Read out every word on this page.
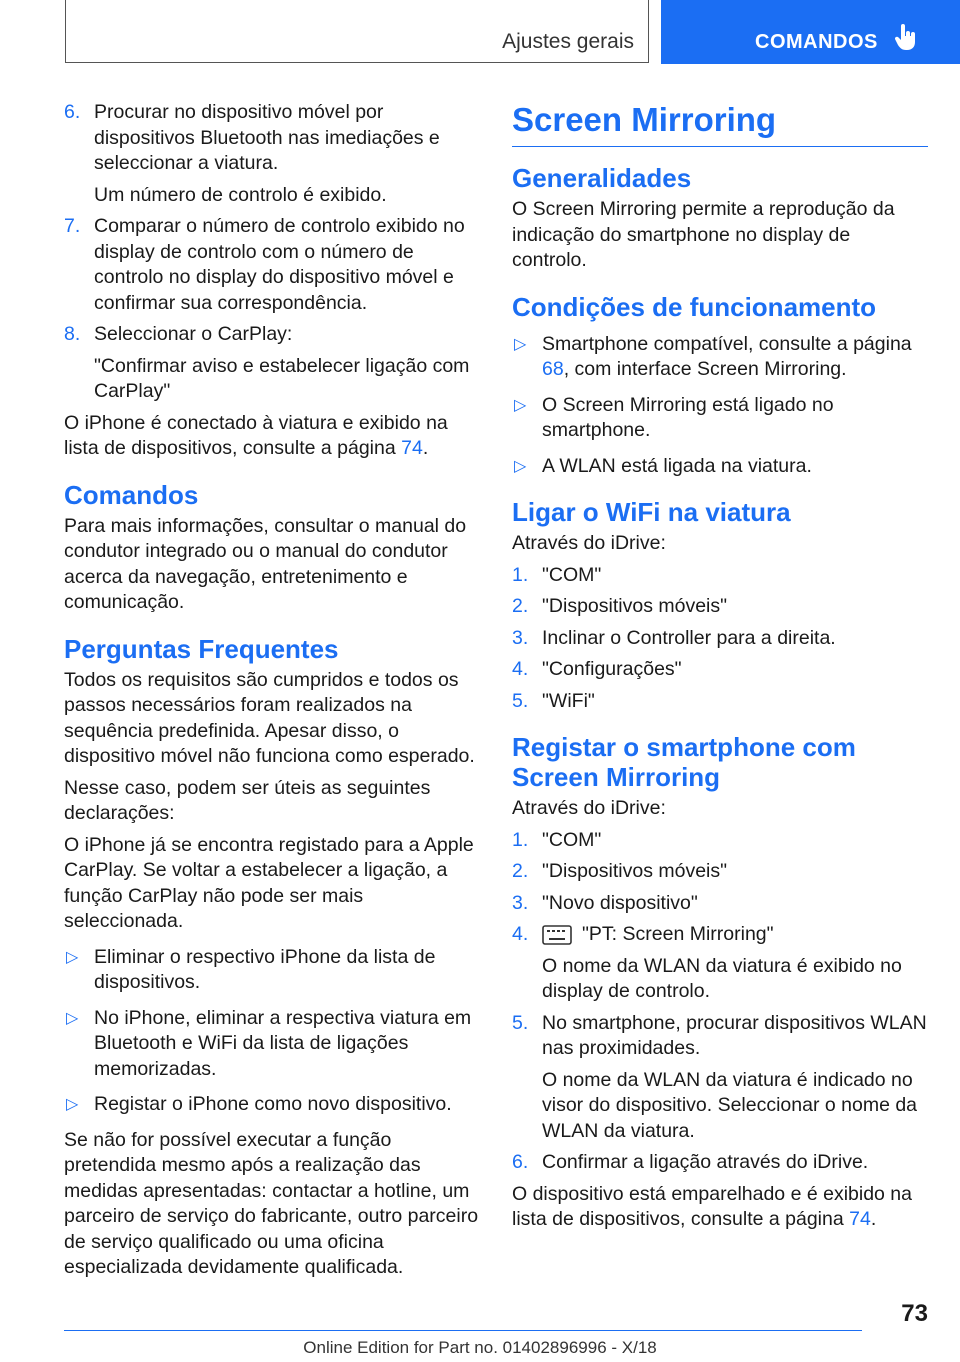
Ajustes gerais	COMANDOS
6. Procurar no dispositivo móvel por dispositivos Bluetooth nas imediações e seleccionar a viatura.
Um número de controlo é exibido.
7. Comparar o número de controlo exibido no display de controlo com o número de controlo no display do dispositivo móvel e confirmar sua correspondência.
8. Seleccionar o CarPlay:
"Confirmar aviso e estabelecer ligação com CarPlay"

O iPhone é conectado à viatura e exibido na lista de dispositivos, consulte a página 74.

Comandos

Para mais informações, consultar o manual do condutor integrado ou o manual do condutor acerca da navegação, entretenimento e comunicação.

Perguntas Frequentes

Todos os requisitos são cumpridos e todos os passos necessários foram realizados na sequência predefinida. Apesar disso, o dispositivo móvel não funciona como esperado.

Nesse caso, podem ser úteis as seguintes declarações:

O iPhone já se encontra registado para a Apple CarPlay. Se voltar a estabelecer a ligação, a função CarPlay não pode ser mais seleccionada.

▷ Eliminar o respectivo iPhone da lista de dispositivos.
▷ No iPhone, eliminar a respectiva viatura em Bluetooth e WiFi da lista de ligações memorizadas.
▷ Registar o iPhone como novo dispositivo.

Se não for possível executar a função pretendida mesmo após a realização das medidas apresentadas: contactar a hotline, um parceiro de serviço do fabricante, outro parceiro de serviço qualificado ou uma oficina especializada devidamente qualificada.

Screen Mirroring
Generalidades

O Screen Mirroring permite a reprodução da indicação do smartphone no display de controlo.

Condições de funcionamento
▷ Smartphone compatível, consulte a página 68, com interface Screen Mirroring.
▷ O Screen Mirroring está ligado no smartphone.
▷ A WLAN está ligada na viatura.
Ligar o WiFi na viatura

Através do iDrive:

1. "COM"
2. "Dispositivos móveis"
3. Inclinar o Controller para a direita.
4. "Configurações"
5. "WiFi"
Registar o smartphone com Screen Mirroring

Através do iDrive:

1. "COM"
2. "Dispositivos móveis"
3. "Novo dispositivo"
4.	"PT: Screen Mirroring"
O nome da WLAN da viatura é exibido no display de controlo.
5. No smartphone, procurar dispositivos WLAN nas proximidades.
O nome da WLAN da viatura é indicado no visor do dispositivo. Seleccionar o nome da WLAN da viatura.
6. Confirmar a ligação através do iDrive.

O dispositivo está emparelhado e é exibido na lista de dispositivos, consulte a página 74.

73
Online Edition for Part no. 01402896996 - X/18
